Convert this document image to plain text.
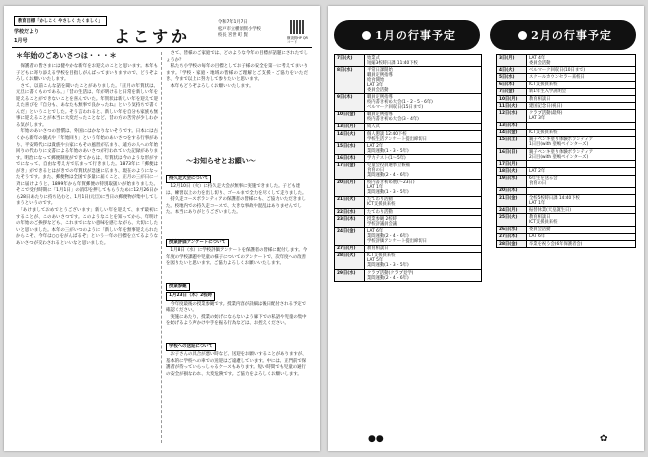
教育目標「かしこく やさしく たくましく」
学校だより
1月号	よこすか
令和7年1月7日
松戸市立横須賀小学校
校長 宮世 町 賢	横須賀HP QRコード
＊年始のごあいさつは・・・＊
　保護者の皆さまには健やかな新年をお迎えのことと思います。本年も子どもに寄り添える学校を目指しがんばってまいりますので、どうぞよろしくお願いいたします。
　さて、以前こんな話を聞いたことがありました。「正月の年賀状は、元旦に書くものである。」「昔の生活は、年が明けると日常を新しい年を迎えることができないことを喜んでいた。年賀状は新しい年を迎えて迎えた喜びを『自分も、あなたも無事で良かったね』という気持ちで書くんだ」ということでした。そう言われると、新しい年を自分も家族も無事に迎えることが本当に大変だったことなど、昔の方の苦労が少しわかる気がします。
　年始のあいさつの習慣は、外国にはかなりないそうです。日本には古くから新年の儀式や「年始回り」という年始のあいさつをする行事があり、平安時代には貴族や公家にもその風習が広まり、遠方の人への年始回りの代わりに文書による年始のあいさつが行われていた記録があります。明治になって郵便制度ができてからは、年賀状は今のような形がすでになって、自由な考え方で広まって行きました。1873年に「郵便はがき」ができるとはがきでの年賀状が急速に広まり、現在のようになったそうです。また、郵便物は全国で多量に届くこと、正月の三が日に一斉に届けようと、1899年から年賀郵便の特別取扱いが始まりました。そこで受付時期に「1月1日」の消印を押してもらうために12月26日から28日あたりに持ち込むと、1月1日(元旦)に当日の郵便物が集中してしまうというのです。
　「あけましておめでとうございます」新しい年を迎えて、まず最初にすることが、このあいさつです。このようなことを知ってから、年明けの年始のご挨拶なども、これまでにない意味を感じながら、大切にしたいと思いました。本年の三がいつのように「新しい年を無事迎えられたからこそ、今年は○○をがんばるぞ」という一年の目標を立てるようなあいさつが交わされるといいなと思いました。
　さて、皆様のご家庭では、どのような今年の目標が話題にされたでしょうか？
　私たち小学校の毎年の目標としてお子様の安全を第一に考えてまいります。「学校・家庭・地域の皆様のご理解とご支援・ご協力をいただき、今まで以上に努力して参りたいと思います。
　本年もどうぞよろしくお願いいたします。
～お知らせとお願い～

持久走大会について

　12月10日（火）に持久走大会が無事に実施できました。子ども達は、練習以上の力を出し切り、ゴールまで全力を尽くして走りました。
　持久走コースボランティアの保護者の皆様にも、ご協力いただきました。校地内での持久走コースで、大きな事故や混乱はありませんでした。本当にありがとうございました。

授業評価アンケートについて

　1月8日（水）に学校評価アンケートを保護者の皆様に配付します。今年度の学校課題や児童の様子についてのアンケートで、次年度への改善を図りたいと思います。ご協力よろしくお願いいたします。

授業参観
1月23日（木）2校時

　今年度最後の授業参観です。授業内容が詳細は後日配付される予定で確認ください。
　実施にあたり、授業の妨げにならないよう廊下での私語や児童の集中を妨げるよう声かけや手を振る行為などは、お控えください。

学校への送迎について

　お子さんの具合が悪い時など、送迎をお願いすることがありますが、基本的に学校への車での送迎はご遠慮しています。中には、正門前で保護者が待っていらっしゃるケースもあります。短い時間でも児童の通行の安全が損なわれ、大変危険です。ご協力をよろしくお願いします。

1月の行事予定	2月の行事予定
7日(火)	始業式
短縮3校時日課 11:40下校

8日(水)	平常日課開始
職員定例指導
給食開始
LAT 3年
委員会活動

9日(木)	職員定例指導
校内書き初め大会(1・2・5・6年)
ベルマーク回収日(15日まで)

10日(金)	職員定例指導
校内書き初め大会(3・4年)

13日(月)	成人式

14日(火)	個人懇談 12:40下校
学校生活アンケート提出締切日

15日(水)	LAT 2年
業間運動(1・3・5年)

16日(木)	学力テスト(1～5年)

17日(金)	児童会役員選挙立候補
食育の日
業間運動(2・4・6年)

20日(月)	校内書き初め展(～23日)
LAT 1年
業間運動(1・3・5年)

21日(火)	たてわり活動
ICT支援員来校

22日(水)	たてわり活動

23日(木)	授業参観 2校時
学校評議員会議

24日(金)	LAT 6年
業間運動(2・4・6年)
学校評価アンケート提出締切日

27日(月)	教育相談日

28日(火)	ICT支援員来校
LAT 5年
業間運動(1・3・5年)

29日(水)	クラブ活動(クラブ見学)
業間運動(2・4・6年)
3日(月)	LAT 4年
委員会活動

4日(火)	ベルマーク回収日(10日まで)

5日(水)	スクールカウンセラー来校日

6日(木)	ICT支援員来校

7日(金)	新1年生入学説明会

10日(月)	教育相談日

11日(火)	建国記念日(祝日)

12日(水)	クラブ活動(最終)
LAT 3年

13日(木)	

14日(金)	ICT支援員来校

15日(土)	親子ペンキ塗り体験ボランティア
1日目(with 塗嶋ペインターズ)

16日(日)	親子ペンキ塗り体験ボランティア
2日目(with 塗嶋ペインターズ)

17日(月)	

18日(火)	LAT 2年

19日(水)	6年生を送る会
食育の日

20日(木)	

21日(金)	全校5校時日課 14:40下校
LAT 1年

24日(月)	振替休業(天皇誕生日)

25日(火)	教育相談日
ICT支援員来校

26日(水)	委員会活動

27日(木)	LAT 6年

28日(金)	卒業を祝う会(6年保護者会)
●●	✿
